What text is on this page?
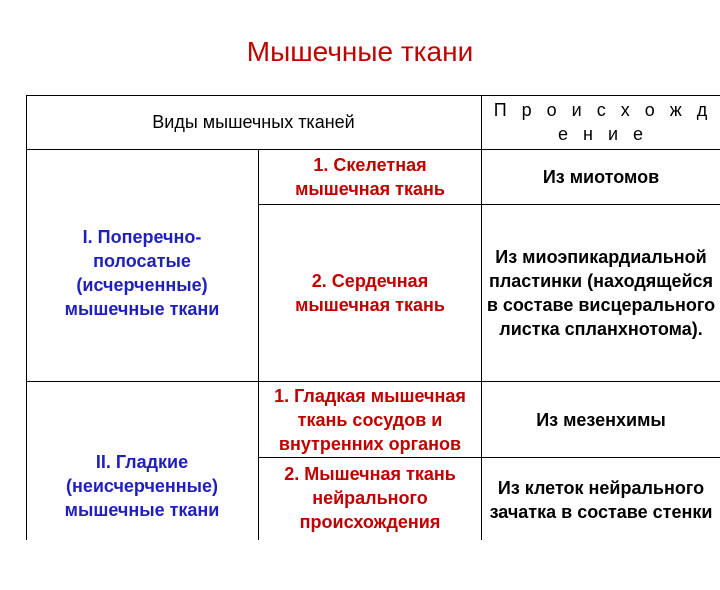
Мышечные ткани
Виды мышечных тканей
П р о и с х о ж д е н и е
I. Поперечно-полосатые (исчерченные) мышечные ткани
II. Гладкие (неисчерченные) мышечные ткани
1. Скелетная мышечная ткань
Из миотомов
2. Сердечная мышечная ткань
Из миоэпикардиальной пластинки (находящейся в составе висцерального листка спланхнотома).
1. Гладкая мышечная ткань сосудов и внутренних органов
Из мезенхимы
2. Мышечная ткань нейрального происхождения
Из клеток нейрального зачатка в составе стенки
